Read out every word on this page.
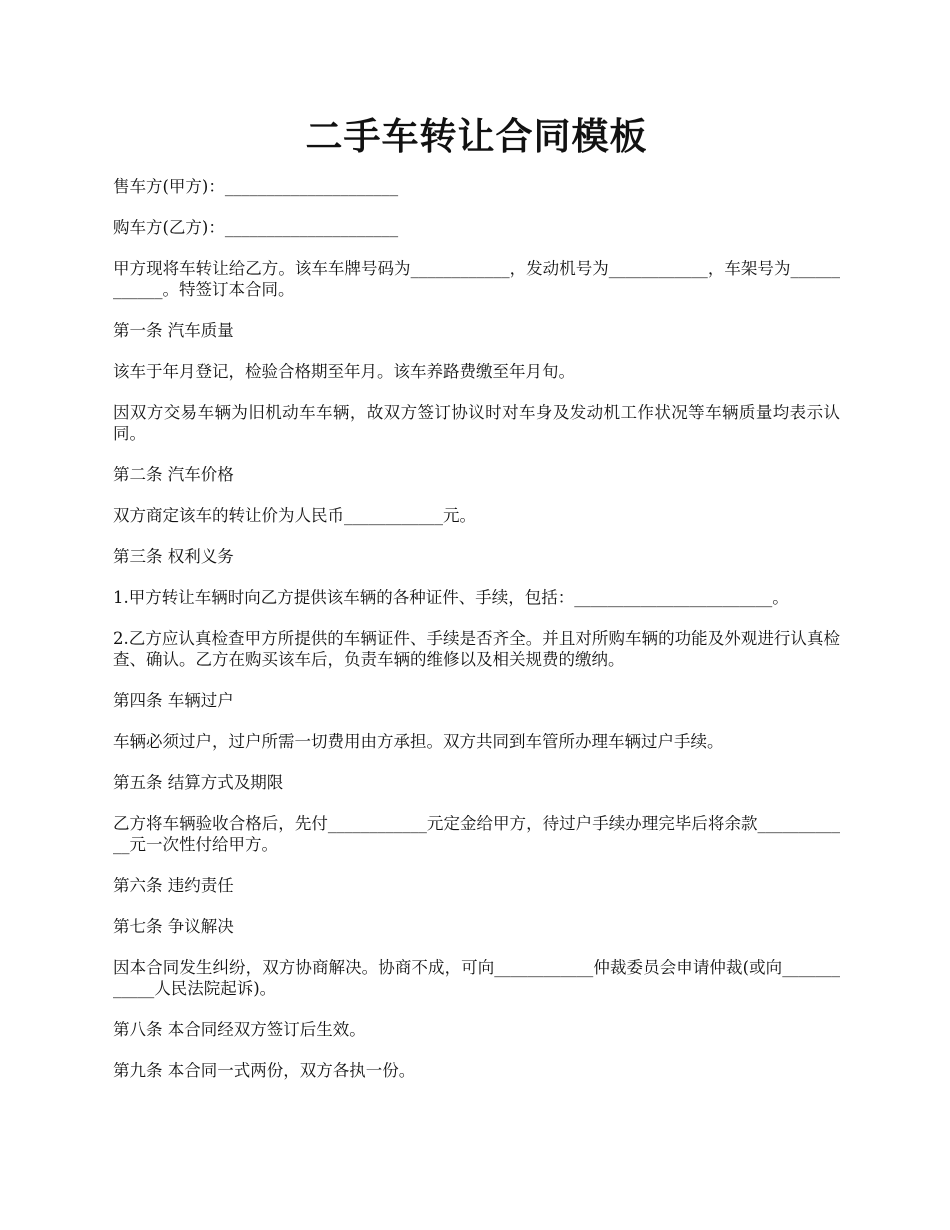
二手车转让合同模板

售车方(甲方)：_____________________

购车方(乙方)：_____________________

甲方现将车转让给乙方。该车车牌号码为____________，发动机号为____________，车架号为____________。特签订本合同。

第一条 汽车质量

该车于年月登记，检验合格期至年月。该车养路费缴至年月旬。

因双方交易车辆为旧机动车车辆，故双方签订协议时对车身及发动机工作状况等车辆质量均表示认同。

第二条 汽车价格

双方商定该车的转让价为人民币____________元。

第三条 权利义务

1.甲方转让车辆时向乙方提供该车辆的各种证件、手续，包括：________________________。

2.乙方应认真检查甲方所提供的车辆证件、手续是否齐全。并且对所购车辆的功能及外观进行认真检查、确认。乙方在购买该车后，负责车辆的维修以及相关规费的缴纳。

第四条 车辆过户

车辆必须过户，过户所需一切费用由方承担。双方共同到车管所办理车辆过户手续。

第五条 结算方式及期限

乙方将车辆验收合格后，先付____________元定金给甲方，待过户手续办理完毕后将余款____________元一次性付给甲方。

第六条 违约责任

第七条 争议解决

因本合同发生纠纷，双方协商解决。协商不成，可向____________仲裁委员会申请仲裁(或向____________人民法院起诉)。

第八条 本合同经双方签订后生效。

第九条 本合同一式两份，双方各执一份。
